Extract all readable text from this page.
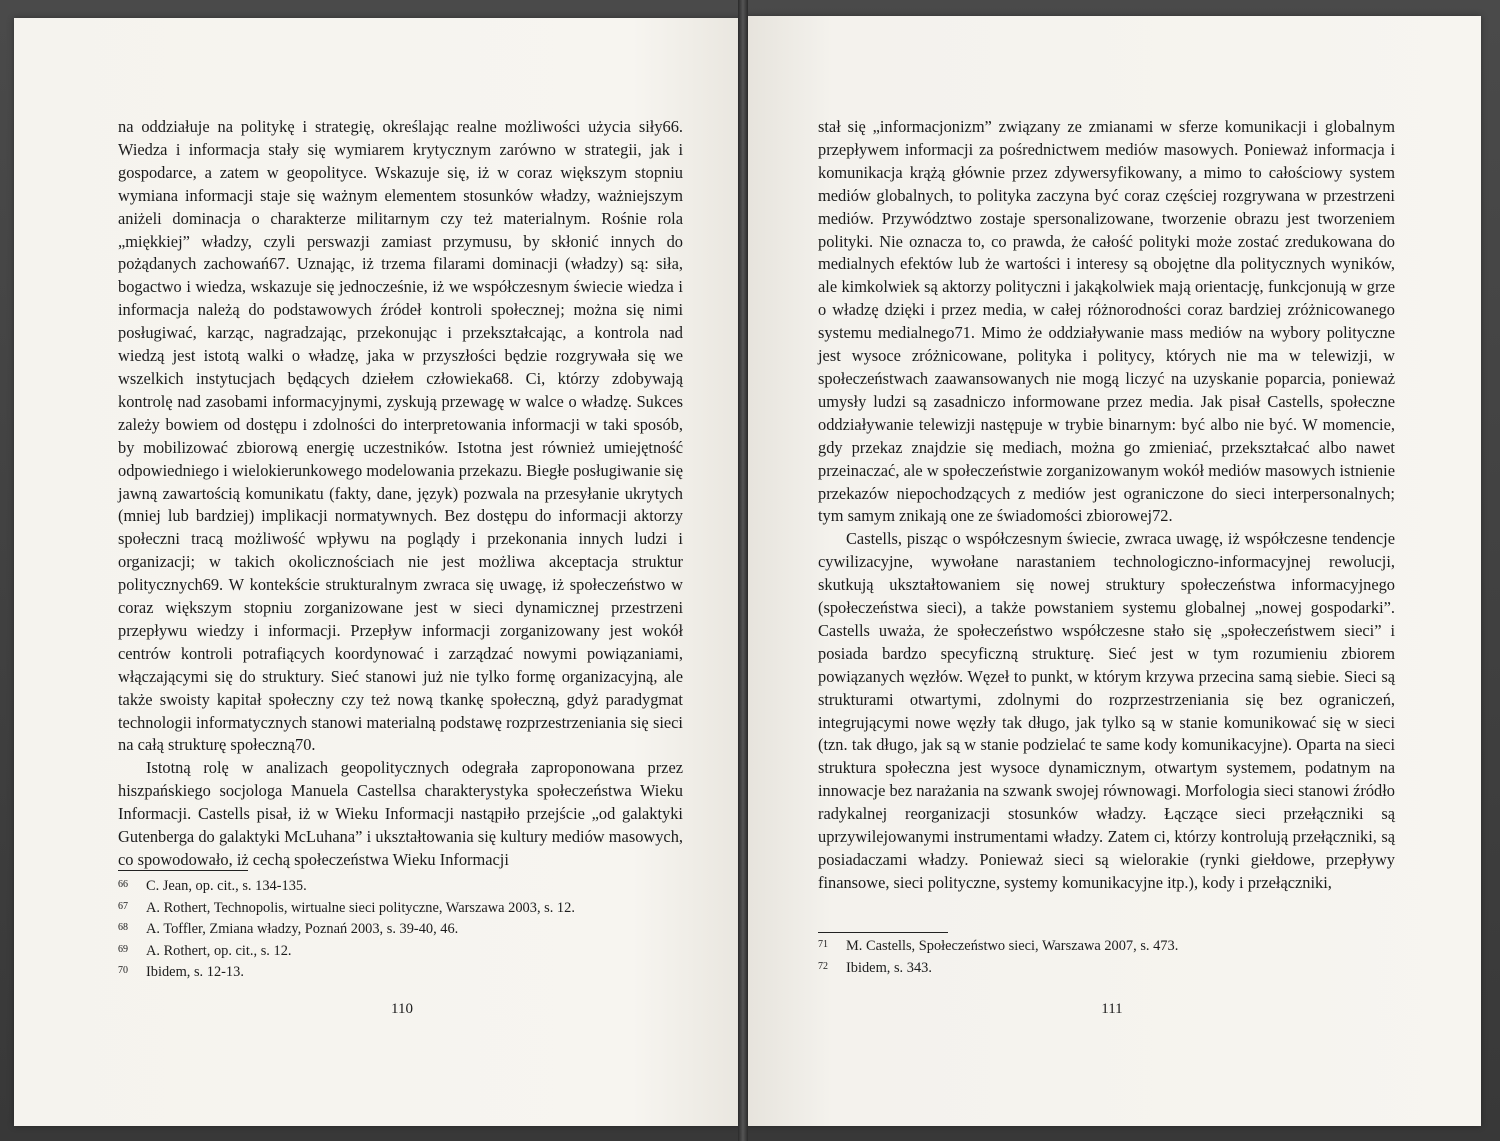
na oddziałuje na politykę i strategię, określając realne możliwości użycia siły66. Wiedza i informacja stały się wymiarem krytycznym zarówno w strategii, jak i gospodarce, a zatem w geopolityce. Wskazuje się, iż w coraz większym stopniu wymiana informacji staje się ważnym elementem stosunków władzy, ważniejszym aniżeli dominacja o charakterze militarnym czy też materialnym. Rośnie rola „miękkiej” władzy, czyli perswazji zamiast przymusu, by skłonić innych do pożądanych zachowań67. Uznając, iż trzema filarami dominacji (władzy) są: siła, bogactwo i wiedza, wskazuje się jednocześnie, iż we współczesnym świecie wiedza i informacja należą do podstawowych źródeł kontroli społecznej; można się nimi posługiwać, karząc, nagradzając, przekonując i przekształcając, a kontrola nad wiedzą jest istotą walki o władzę, jaka w przyszłości będzie rozgrywała się we wszelkich instytucjach będących dziełem człowieka68. Ci, którzy zdobywają kontrolę nad zasobami informacyjnymi, zyskują przewagę w walce o władzę. Sukces zależy bowiem od dostępu i zdolności do interpretowania informacji w taki sposób, by mobilizować zbiorową energię uczestników. Istotna jest również umiejętność odpowiedniego i wielokierunkowego modelowania przekazu. Biegłe posługiwanie się jawną zawartością komunikatu (fakty, dane, język) pozwala na przesyłanie ukrytych (mniej lub bardziej) implikacji normatywnych. Bez dostępu do informacji aktorzy społeczni tracą możliwość wpływu na poglądy i przekonania innych ludzi i organizacji; w takich okolicznościach nie jest możliwa akceptacja struktur politycznych69. W kontekście strukturalnym zwraca się uwagę, iż społeczeństwo w coraz większym stopniu zorganizowane jest w sieci dynamicznej przestrzeni przepływu wiedzy i informacji. Przepływ informacji zorganizowany jest wokół centrów kontroli potrafiących koordynować i zarządzać nowymi powiązaniami, włączającymi się do struktury. Sieć stanowi już nie tylko formę organizacyjną, ale także swoisty kapitał społeczny czy też nową tkankę społeczną, gdyż paradygmat technologii informatycznych stanowi materialną podstawę rozprzestrzeniania się sieci na całą strukturę społeczną70.

Istotną rolę w analizach geopolitycznych odegrała zaproponowana przez hiszpańskiego socjologa Manuela Castellsa charakterystyka społeczeństwa Wieku Informacji. Castells pisał, iż w Wieku Informacji nastąpiło przejście „od galaktyki Gutenberga do galaktyki McLuhana” i ukształtowania się kultury mediów masowych, co spowodowało, iż cechą społeczeństwa Wieku Informacji

66	C. Jean, op. cit., s. 134-135.
67	A. Rothert, Technopolis, wirtualne sieci polityczne, Warszawa 2003, s. 12.
68	A. Toffler, Zmiana władzy, Poznań 2003, s. 39-40, 46.
69	A. Rothert, op. cit., s. 12.
70	Ibidem, s. 12-13.
110

stał się „informacjonizm” związany ze zmianami w sferze komunikacji i globalnym przepływem informacji za pośrednictwem mediów masowych. Ponieważ informacja i komunikacja krążą głównie przez zdywersyfikowany, a mimo to całościowy system mediów globalnych, to polityka zaczyna być coraz częściej rozgrywana w przestrzeni mediów. Przywództwo zostaje spersonalizowane, tworzenie obrazu jest tworzeniem polityki. Nie oznacza to, co prawda, że całość polityki może zostać zredukowana do medialnych efektów lub że wartości i interesy są obojętne dla politycznych wyników, ale kimkolwiek są aktorzy polityczni i jakąkolwiek mają orientację, funkcjonują w grze o władzę dzięki i przez media, w całej różnorodności coraz bardziej zróżnicowanego systemu medialnego71. Mimo że oddziaływanie mass mediów na wybory polityczne jest wysoce zróżnicowane, polityka i politycy, których nie ma w telewizji, w społeczeństwach zaawansowanych nie mogą liczyć na uzyskanie poparcia, ponieważ umysły ludzi są zasadniczo informowane przez media. Jak pisał Castells, społeczne oddziaływanie telewizji następuje w trybie binarnym: być albo nie być. W momencie, gdy przekaz znajdzie się mediach, można go zmieniać, przekształcać albo nawet przeinaczać, ale w społeczeństwie zorganizowanym wokół mediów masowych istnienie przekazów niepochodzących z mediów jest ograniczone do sieci interpersonalnych; tym samym znikają one ze świadomości zbiorowej72.

Castells, pisząc o współczesnym świecie, zwraca uwagę, iż współczesne tendencje cywilizacyjne, wywołane narastaniem technologiczno-informacyjnej rewolucji, skutkują ukształtowaniem się nowej struktury społeczeństwa informacyjnego (społeczeństwa sieci), a także powstaniem systemu globalnej „nowej gospodarki”. Castells uważa, że społeczeństwo współczesne stało się „społeczeństwem sieci” i posiada bardzo specyficzną strukturę. Sieć jest w tym rozumieniu zbiorem powiązanych węzłów. Węzeł to punkt, w którym krzywa przecina samą siebie. Sieci są strukturami otwartymi, zdolnymi do rozprzestrzeniania się bez ograniczeń, integrującymi nowe węzły tak długo, jak tylko są w stanie komunikować się w sieci (tzn. tak długo, jak są w stanie podzielać te same kody komunikacyjne). Oparta na sieci struktura społeczna jest wysoce dynamicznym, otwartym systemem, podatnym na innowacje bez narażania na szwank swojej równowagi. Morfologia sieci stanowi źródło radykalnej reorganizacji stosunków władzy. Łączące sieci przełączniki są uprzywilejowanymi instrumentami władzy. Zatem ci, którzy kontrolują przełączniki, są posiadaczami władzy. Ponieważ sieci są wielorakie (rynki giełdowe, przepływy finansowe, sieci polityczne, systemy komunikacyjne itp.), kody i przełączniki,

71	M. Castells, Społeczeństwo sieci, Warszawa 2007, s. 473.
72	Ibidem, s. 343.
111
